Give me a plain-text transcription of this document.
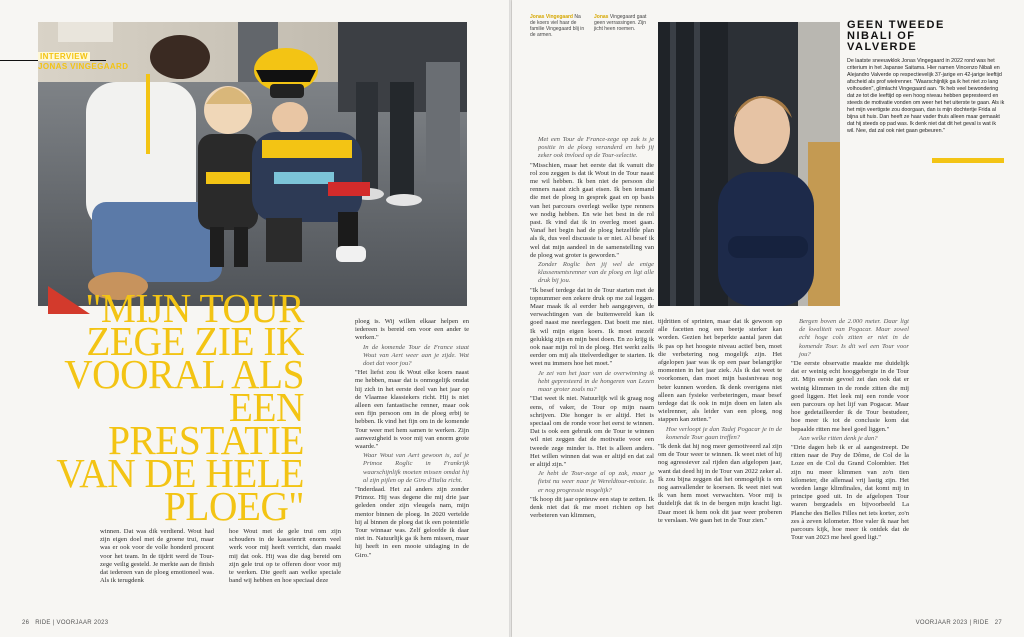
INTERVIEW
JONAS VINGEGAARD
"MIJN TOUR ZEGE ZIE IK VOORAL ALS EEN PRESTATIE VAN DE HELE PLOEG"

winnen. Dat was dik verdiend. Wout had zijn eigen doel met de groene trui, maar was er ook voor de volle honderd procent voor het team. In de tijdrit werd de Tour-zege veilig gesteld. Je merkte aan de finish dat iedereen van de ploeg emotioneel was. Als ik terugdenk

hoe Wout met de gele trui om zijn schouders in de kasseienrit enorm veel werk voor mij heeft verricht, dan maakt mij dat ook. Hij was die dag bereid om zijn gele trui op te offeren door voor mij te werken. Die geeft aan welke speciale band wij hebben en hoe speciaal deze

ploeg is. Wij willen elkaar helpen en iedereen is bereid om voor een ander te werken."

In de komende Tour de France staat Wout van Aert weer aan je zijde. Wat doet dat voor jou?

"Het liefst zou ik Wout elke koers naast me hebben, maar dat is onmogelijk omdat hij zich in het eerste deel van het jaar op de Vlaamse klassiekers richt. Hij is niet alleen een fantastische renner, maar ook een fijn persoon om in de ploeg erbij te hebben. Ik vind het fijn om in de komende Tour weer met hem samen te werken. Zijn aanwezigheid is voor mij van enorm grote waarde."

Waar Wout van Aert gewoon is, zal je Primoz Roglic in Frankrijk waarschijnlijk moeten missen omdat hij al zijn pijlen op de Giro d'Italia richt.

"Inderdaad. Het zal anders zijn zonder Primoz. Hij was degene die mij drie jaar geleden onder zijn vleugels nam, mijn mentor binnen de ploeg. In 2020 vertelde hij al binnen de ploeg dat ik een potentiële Tour winnaar was. Zelf geloofde ik daar niet in. Natuurlijk ga ik hem missen, maar hij heeft in een mooie uitdaging in de Giro."

26 RIDE | VOORJAAR 2023
Jonas Vingegaard Na de koers viel haar de familie Vingegaard blij in de armen.
Jonas Vingegaard gaat geen verrassingen. Zijn jicht heen roemen.

Met een Tour de France-zege op zak is je positie in de ploeg veranderd en heb jij zeker ook invloed op de Tour-selectie.

"Misschien, maar het eerste dat ik vanuit die rol zou zeggen is dat ik Wout in de Tour naast me wil hebben. Ik ben niet de persoon die renners naast zich gaat eisen. Ik ben iemand die met de ploeg in gesprek gaat en op basis van het parcours overlegt welke type renners we nodig hebben. En wie het best in de rol past. Ik vind dat ik in overleg moet gaan. Vanaf het begin had de ploeg hetzelfde plan als ik, dus veel discussie is er niet. Al besef ik wel dat mijn aandeel in de samenstelling van de ploeg wat groter is geworden."

Zonder Roglic ben jij wel de enige klassementsrenner van de ploeg en ligt alle druk bij jou.

"Ik besef terdege dat in de Tour starten met de topnummer een zekere druk op me zal leggen. Maar maak ik al eerder heb aangegeven, de verwachtingen van de buitenwereld kan ik goed naast me neerleggen. Dat boeit me niet. Ik wil mijn eigen koers. Ik moet mezelf gelukkig zijn en mijn best doen. En zo krijg ik ook naar mijn rol in de ploeg. Het werkt zelfs eerder om mij als titelverdediger te starten. Ik weet nu immers hoe het moet."

Je zei van het jaar van de overwinning ik hebt gepresteerd in de hongeren van Lezen maar groter zoals nu?

"Dat weet ik niet. Natuurlijk wil ik graag nog eens, of vaker, de Tour op mijn naam schrijven. Die honger is er altijd. Het is speciaal om de ronde voor het eerst te winnen. Dat is ook een gebruik om de Tour te winnen wil niet zeggen dat de motivatie voor een tweede zege minder is. Het is alleen anders. Het willen winnen dat was er altijd en dat zal er altijd zijn."

Je hebt de Tour-zege al op zak, maar je fietst nu weer naar je Wereldtour-missie. Is er nog progressie mogelijk?

"Ik hoop dit jaar opnieuw een stap te zetten. Ik denk niet dat ik me moet richten op het verbeteren van klimmen,

tijdritten of sprinten, maar dat ik gewoon op alle facetten nog een beetje sterker kan worden. Gezien het beperkte aantal jaren dat ik pas op het hoogste niveau actief ben, moet die verbetering nog mogelijk zijn. Het afgelopen jaar was ik op een paar belangrijke momenten in het jaar ziek. Als ik dat weet te voorkomen, dan moet mijn basisniveau nog beter kunnen worden. Ik denk overigens niet alleen aan fysieke verbeteringen, maar besef terdege dat ik ook in mijn doen en laten als wielrenner, als leider van een ploeg, nog stappen kan zetten."

Hoe verloopt je dan Tadej Pogacar je in de komende Tour gaan treffen?

"Ik denk dat hij nog meer gemotiveerd zal zijn om de Tour weer te winnen. Ik weet niet of hij nog agressiever zal rijden dan afgelopen jaar, want dat deed hij in de Tour van 2022 zeker al. Ik zou bijna zeggen dat het onmogelijk is om nog aanvallender te koersen. Ik weet niet wat ik van hem moet verwachten. Voor mij is duidelijk dat ik in de bergen mijn kracht ligt. Daar moet ik hem ook dit jaar weer proberen te verslaan. We gaan het in de Tour zien."

GEEN TWEEDE NIBALI OF VALVERDE
De laatste sneeuwklok Jonas Vingegaard in 2022 rond was het criterium in het Japanse Saitama. Hier namen Vincenzo Nibali en Alejandro Valverde op respectievelijk 37-jarige en 42-jarige leeftijd afscheid als prof wielrenner. "Waarschijnlijk ga ik het niet zo lang volhouden", glimlacht Vingegaard aan. "Ik heb veel bewondering dat ze tot die leeftijd op een hoog niveau hebben gepresteerd en steeds de motivatie vonden om weer het het uiterste te gaan. Als ik het mijn veertigste zou doorgaan, dan is mijn dochtertje Frida al bijna uit huis. Dan heeft ze haar vader thuis alleen maar gemaakt dat hij steeds op pad was. Ik denk niet dat dit het geval is wat ik wil. Nee, dat zal ook niet gaan gebeuren."

Bergen boven de 2.000 meter. Daar ligt de kwaliteit van Pogacar. Maar zowel echt hoge cols zitten er niet in de komende Tour. Is dit wel een Tour voor jou?

"De eerste observatie maakte me duidelijk dat er weinig echt hooggebergte in de Tour zit. Mijn eerste gevoel zei dan ook dat er weinig klimmen in de ronde zitten die mij goed liggen. Het leek mij een ronde voor een parcours op het lijf van Pogacar. Maar hoe gedetailleerder ik de Tour bestudeer, hoe meer ik tot de conclusie kom dat bepaalde ritten me heel goed liggen."

Aan welke ritten denk je dan?

"Drie dagen heb ik er al aangestreept. De ritten naar de Puy de Dôme, de Col de la Loze en de Col du Grand Colombier. Het zijn nu meer klimmen van zo'n tien kilometer, die allemaal vrij lastig zijn. Het worden lange klimfinales, dat komt mij in principe goed uit. In de afgelopen Tour waren bergzadels en bijvoorbeeld La Planche des Belles Filles net iets korter, zo'n zes à zeven kilometer. Hoe valer ik naar het parcours kijk, hoe meer ik ontdek dat de Tour van 2023 me heel goed ligt."

VOORJAAR 2023 | RIDE 27
